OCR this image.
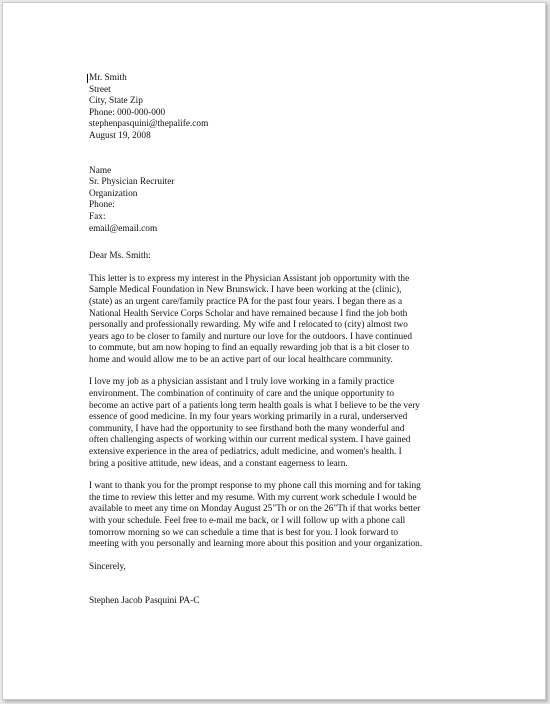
Mr. Smith
Street
City, State Zip
Phone: 000-000-000
stephenpasquini@thepalife.com
August 19, 2008
Name
Sr. Physician Recruiter
Organization
Phone:
Fax:
email@email.com
Dear Ms. Smith:
This letter is to express my interest in the Physician Assistant job opportunity with the
Sample Medical Foundation in New Brunswick. I have been working at the (clinic),
(state) as an urgent care/family practice PA for the past four years. I began there as a
National Health Service Corps Scholar and have remained because I find the job both
personally and professionally rewarding. My wife and I relocated to (city) almost two
years ago to be closer to family and nurture our love for the outdoors. I have continued
to commute, but am now hoping to find an equally rewarding job that is a bit closer to
home and would allow me to be an active part of our local healthcare community.
I love my job as a physician assistant and I truly love working in a family practice
environment. The combination of continuity of care and the unique opportunity to
become an active part of a patients long term health goals is what I believe to be the very
essence of good medicine. In my four years working primarily in a rural, underserved
community, I have had the opportunity to see firsthand both the many wonderful and
often challenging aspects of working within our current medical system. I have gained
extensive experience in the area of pediatrics, adult medicine, and women's health. I
bring a positive attitude, new ideas, and a constant eagerness to learn.
I want to thank you for the prompt response to my phone call this morning and for taking
the time to review this letter and my resume. With my current work schedule I would be
available to meet any time on Monday August 25"Th or on the 26"Th if that works better
with your schedule. Feel free to e-mail me back, or I will follow up with a phone call
tomorrow morning so we can schedule a time that is best for you. I look forward to
meeting with you personally and learning more about this position and your organization.
Sincerely,
Stephen Jacob Pasquini PA-C
